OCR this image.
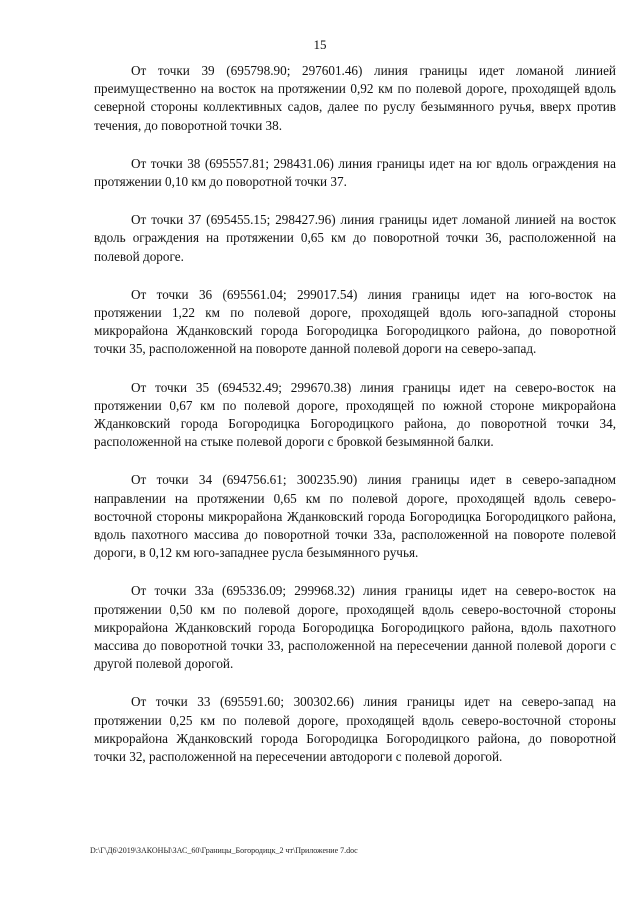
15

От точки 39 (695798.90; 297601.46) линия границы идет ломаной линией преимущественно на восток на протяжении 0,92 км по полевой дороге, проходящей вдоль северной стороны коллективных садов, далее по руслу безымянного ручья, вверх против течения, до поворотной точки 38.

От точки 38 (695557.81; 298431.06) линия границы идет на юг вдоль ограждения на протяжении 0,10 км до поворотной точки 37.

От точки 37 (695455.15; 298427.96) линия границы идет ломаной линией на восток вдоль ограждения на протяжении 0,65 км до поворотной точки 36, расположенной на полевой дороге.

От точки 36 (695561.04; 299017.54) линия границы идет на юго-восток на протяжении 1,22 км по полевой дороге, проходящей вдоль юго-западной стороны микрорайона Жданковский города Богородицка Богородицкого района, до поворотной точки 35, расположенной на повороте данной полевой дороги на северо-запад.

От точки 35 (694532.49; 299670.38) линия границы идет на северо-восток на протяжении 0,67 км по полевой дороге, проходящей по южной стороне микрорайона Жданковский города Богородицка Богородицкого района, до поворотной точки 34, расположенной на стыке полевой дороги с бровкой безымянной балки.

От точки 34 (694756.61; 300235.90) линия границы идет в северо-западном направлении на протяжении 0,65 км по полевой дороге, проходящей вдоль северо-восточной стороны микрорайона Жданковский города Богородицка Богородицкого района, вдоль пахотного массива до поворотной точки 33а, расположенной на повороте полевой дороги, в 0,12 км юго-западнее русла безымянного ручья.

От точки 33а (695336.09; 299968.32) линия границы идет на северо-восток на протяжении 0,50 км по полевой дороге, проходящей вдоль северо-восточной стороны микрорайона Жданковский города Богородицка Богородицкого района, вдоль пахотного массива до поворотной точки 33, расположенной на пересечении данной полевой дороги с другой полевой дорогой.

От точки 33 (695591.60; 300302.66) линия границы идет на северо-запад на протяжении 0,25 км по полевой дороге, проходящей вдоль северо-восточной стороны микрорайона Жданковский города Богородицка Богородицкого района, до поворотной точки 32, расположенной на пересечении автодороги с полевой дорогой.

D:\Г\Д6\2019\ЗАКОНЫ\ЗАС_60\Границы_Богородицк_2 чт\Приложение 7.doc
